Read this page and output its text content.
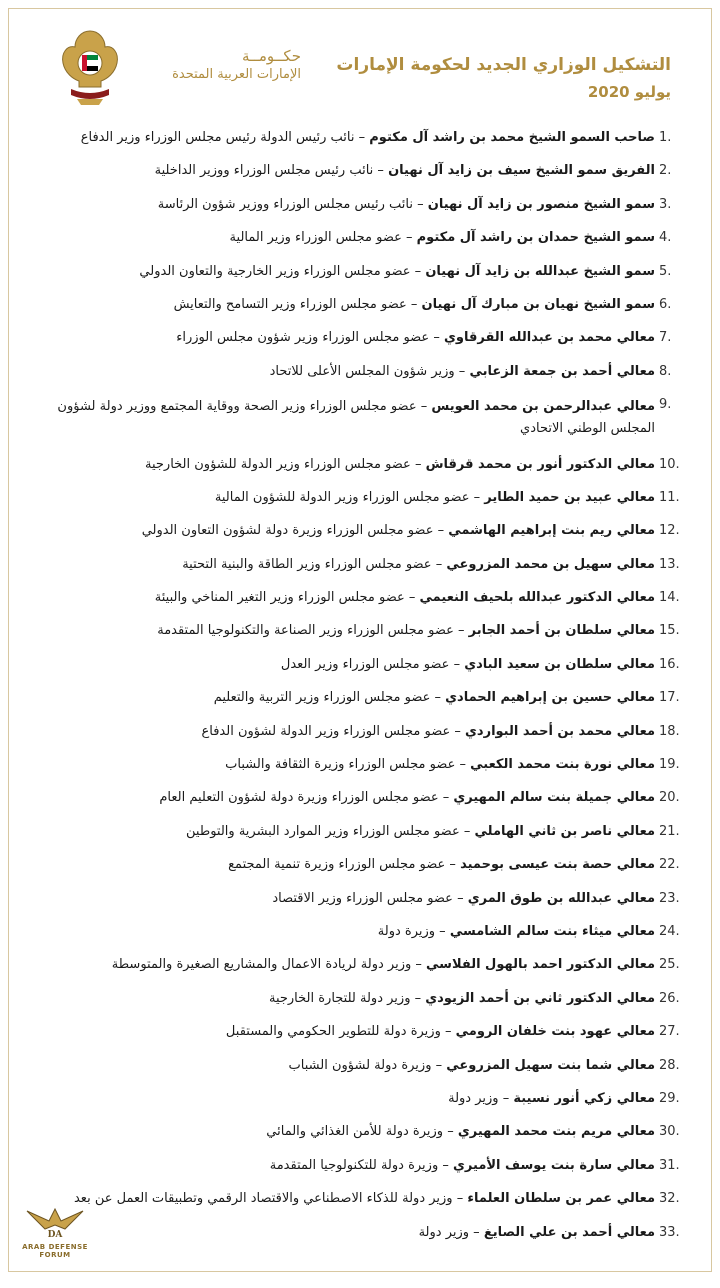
حكــومــة
الإمارات العربية المتحدة التشكيل الوزاري الجديد لحكومة الإمارات
يوليو 2020
1.
صاحب السمو الشيخ محمد بن راشد آل مكتوم – نائب رئيس الدولة رئيس مجلس الوزراء وزير الدفاع
2.
الفريق سمو الشيخ سيف بن زايد آل نهيان – نائب رئيس مجلس الوزراء ووزير الداخلية
3.
سمو الشيخ منصور بن زايد آل نهيان – نائب رئيس مجلس الوزراء ووزير شؤون الرئاسة
4.
سمو الشيخ حمدان بن راشد آل مكتوم – عضو مجلس الوزراء وزير المالية
5.
سمو الشيخ عبدالله بن زايد آل نهيان – عضو مجلس الوزراء وزير الخارجية والتعاون الدولي
6.
سمو الشيخ نهيان بن مبارك آل نهيان – عضو مجلس الوزراء وزير التسامح والتعايش
7.
معالي محمد بن عبدالله القرقاوي – عضو مجلس الوزراء وزير شؤون مجلس الوزراء
8.
معالي أحمد بن جمعة الزعابي – وزير شؤون المجلس الأعلى للاتحاد
9.
معالي عبدالرحمن بن محمد العويس – عضو مجلس الوزراء وزير الصحة ووقاية المجتمع ووزير دولة لشؤون المجلس الوطني الاتحادي
10.
معالي الدكتور أنور بن محمد قرقاش – عضو مجلس الوزراء وزير الدولة للشؤون الخارجية
11.
معالي عبيد بن حميد الطاير – عضو مجلس الوزراء وزير الدولة للشؤون المالية
12.
معالي ريم بنت إبراهيم الهاشمي – عضو مجلس الوزراء وزيرة دولة لشؤون التعاون الدولي
13.
معالي سهيل بن محمد المزروعي – عضو مجلس الوزراء وزير الطاقة والبنية التحتية
14.
معالي الدكتور عبدالله بلحيف النعيمي – عضو مجلس الوزراء وزير التغير المناخي والبيئة
15.
معالي سلطان بن أحمد الجابر – عضو مجلس الوزراء وزير الصناعة والتكنولوجيا المتقدمة
16.
معالي سلطان بن سعيد البادي – عضو مجلس الوزراء وزير العدل
17.
معالي حسين بن إبراهيم الحمادي – عضو مجلس الوزراء وزير التربية والتعليم
18.
معالي محمد بن أحمد البواردي – عضو مجلس الوزراء وزير الدولة لشؤون الدفاع
19.
معالي نورة بنت محمد الكعبي – عضو مجلس الوزراء وزيرة الثقافة والشباب
20.
معالي جميلة بنت سالم المهيري – عضو مجلس الوزراء وزيرة دولة لشؤون التعليم العام
21.
معالي ناصر بن ثاني الهاملي – عضو مجلس الوزراء وزير الموارد البشرية والتوطين
22.
معالي حصة بنت عيسى بوحميد – عضو مجلس الوزراء وزيرة تنمية المجتمع
23.
معالي عبدالله بن طوق المري – عضو مجلس الوزراء وزير الاقتصاد
24.
معالي ميثاء بنت سالم الشامسي – وزيرة دولة
25.
معالي الدكتور احمد بالهول الفلاسي – وزير دولة لريادة الاعمال والمشاريع الصغيرة والمتوسطة
26.
معالي الدكتور ثاني بن أحمد الزيودي – وزير دولة للتجارة الخارجية
27.
معالي عهود بنت خلفان الرومي – وزيرة دولة للتطوير الحكومي والمستقبل
28.
معالي شما بنت سهيل المزروعي – وزيرة دولة لشؤون الشباب
29.
معالي زكي أنور نسيبة – وزير دولة
30.
معالي مريم بنت محمد المهيري – وزيرة دولة للأمن الغذائي والمائي
31.
معالي سارة بنت يوسف الأميري – وزيرة دولة للتكنولوجيا المتقدمة
32.
معالي عمر بن سلطان العلماء – وزير دولة للذكاء الاصطناعي والاقتصاد الرقمي وتطبيقات العمل عن بعد
33.
معالي أحمد بن علي الصايغ – وزير دولة
DA
ARAB DEFENSE FORUM
